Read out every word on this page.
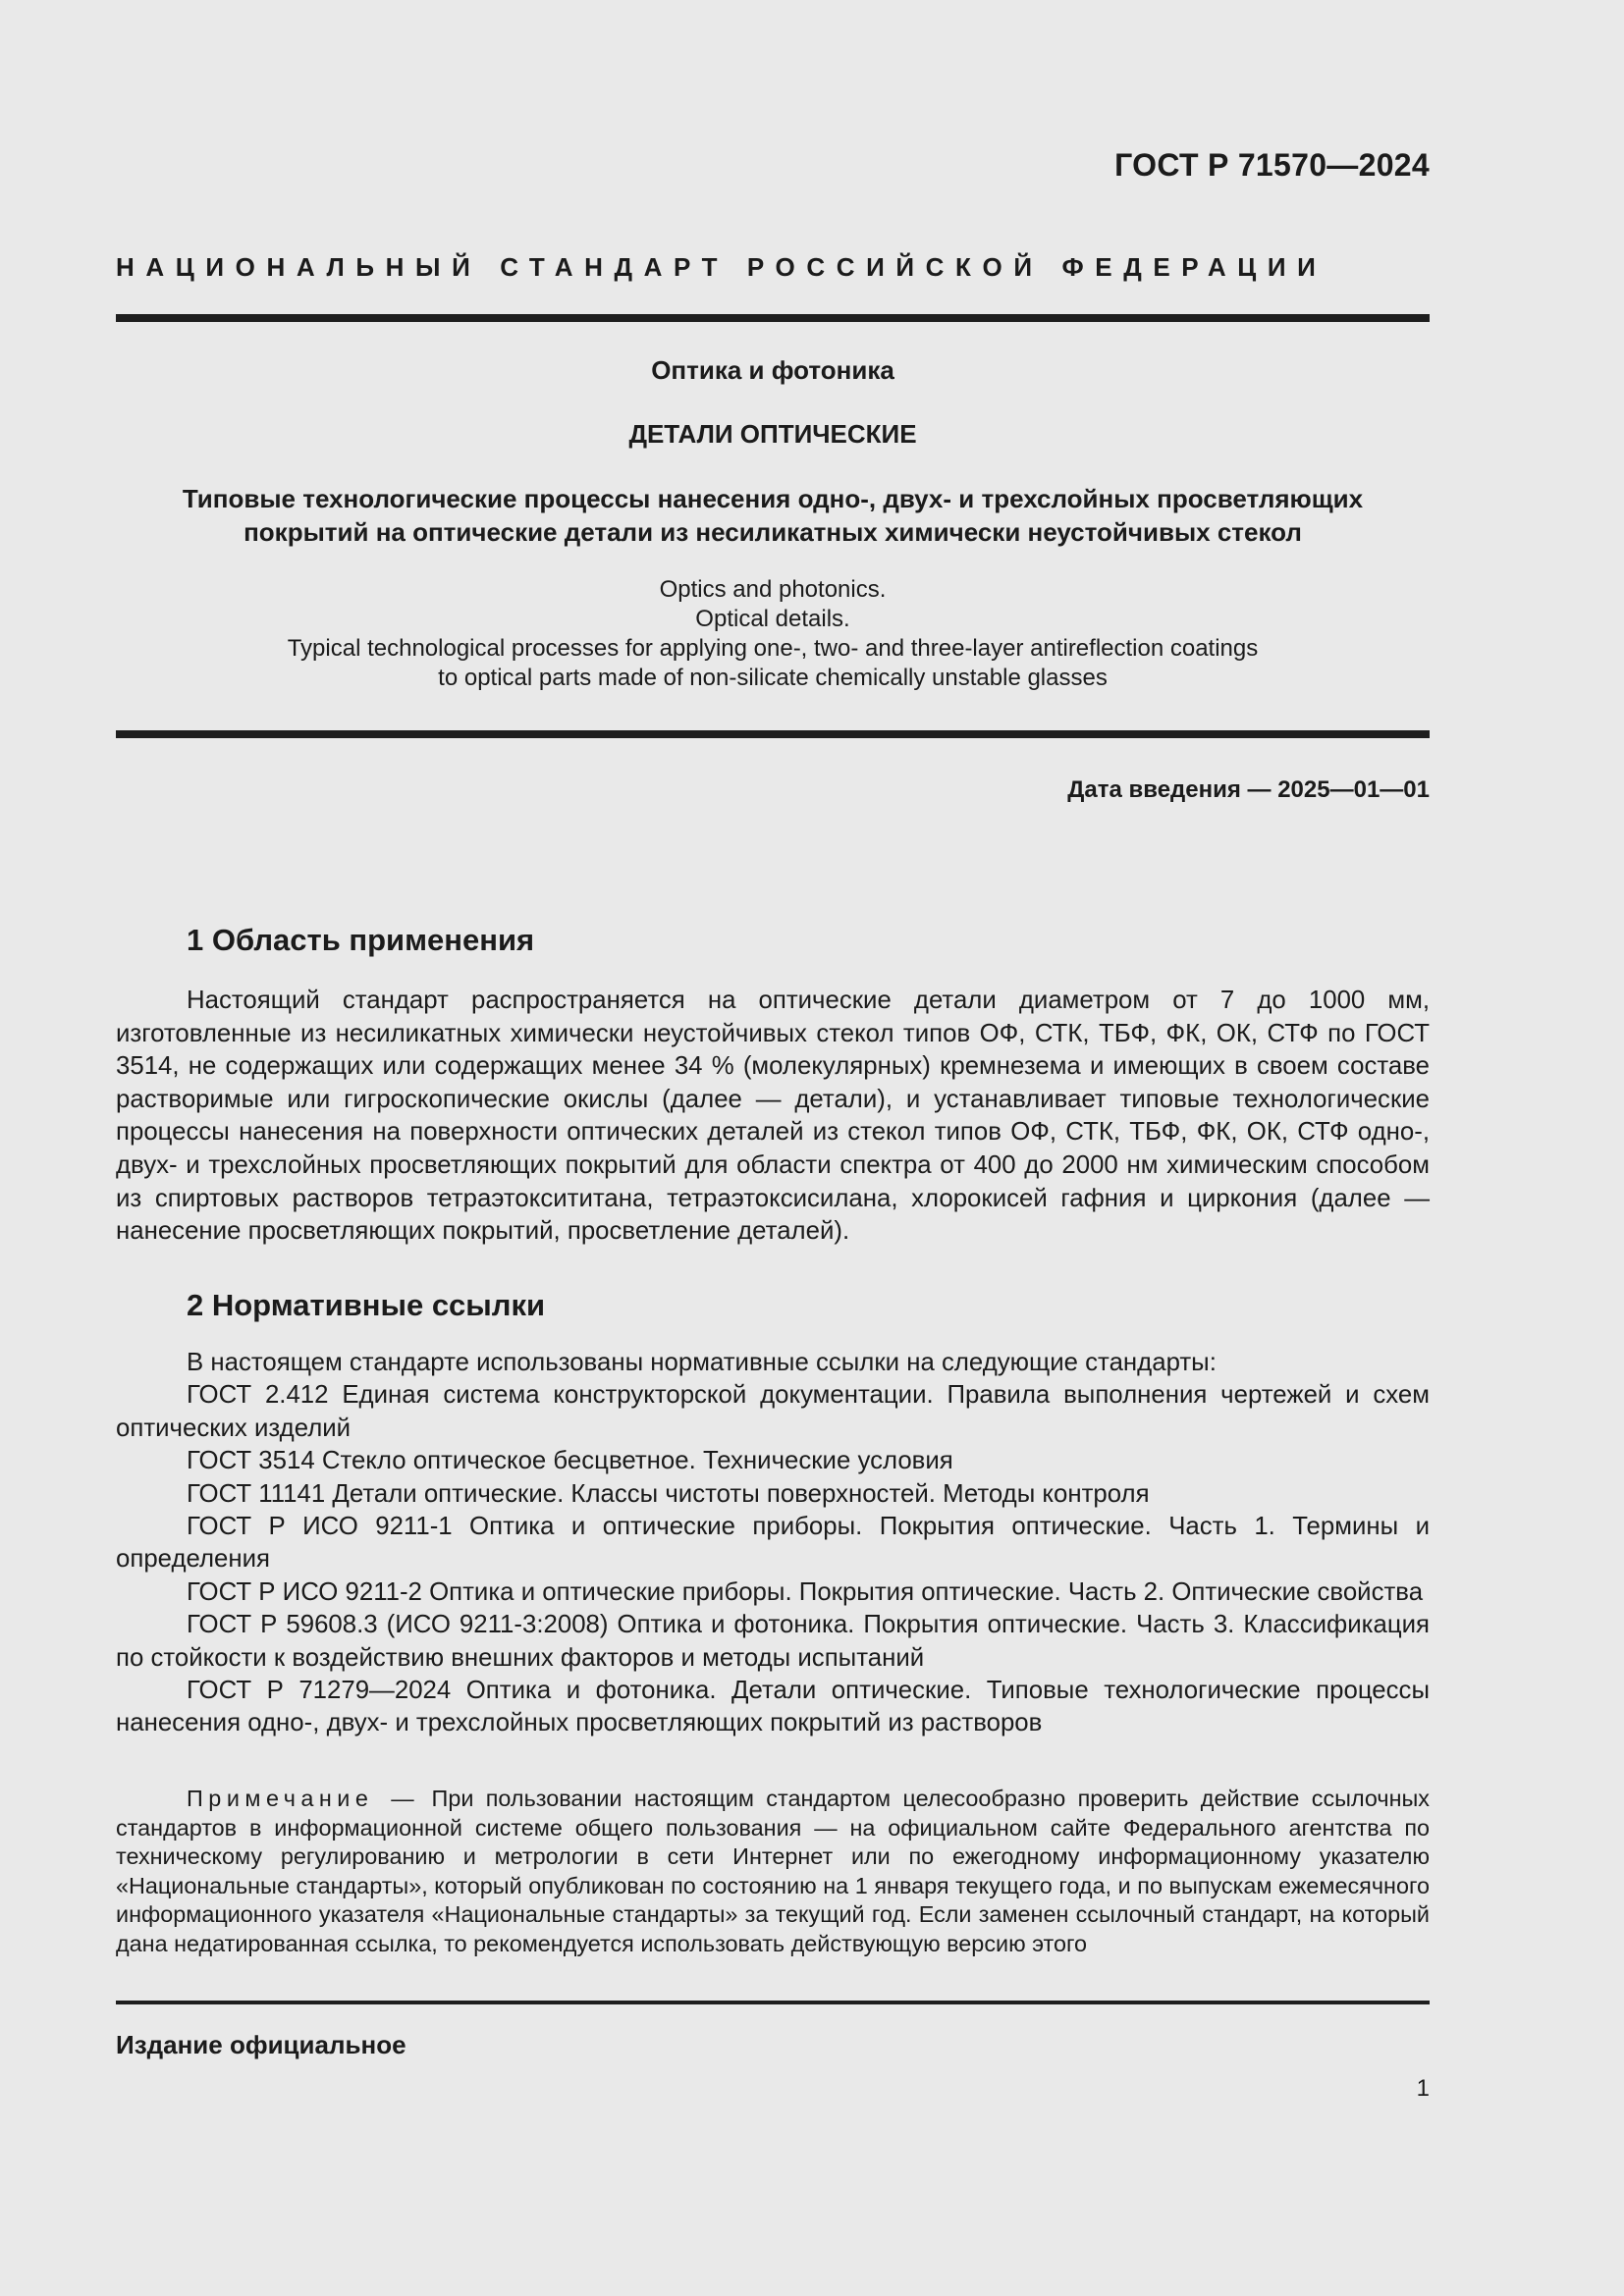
ГОСТ Р 71570—2024
НАЦИОНАЛЬНЫЙ СТАНДАРТ РОССИЙСКОЙ ФЕДЕРАЦИИ
Оптика и фотоника
ДЕТАЛИ ОПТИЧЕСКИЕ
Типовые технологические процессы нанесения одно-, двух- и трехслойных просветляющих
покрытий на оптические детали из несиликатных химически неустойчивых стекол
Optics and photonics.
Optical details.
Typical technological processes for applying one-, two- and three-layer antireflection coatings
to optical parts made of non-silicate chemically unstable glasses
Дата введения — 2025—01—01
1 Область применения
Настоящий стандарт распространяется на оптические детали диаметром от 7 до 1000 мм, изготовленные из несиликатных химически неустойчивых стекол типов ОФ, СТК, ТБФ, ФК, ОК, СТФ по ГОСТ 3514, не содержащих или содержащих менее 34 % (молекулярных) кремнезема и имеющих в своем составе растворимые или гигроскопические окислы (далее — детали), и устанавливает типовые технологические процессы нанесения на поверхности оптических деталей из стекол типов ОФ, СТК, ТБФ, ФК, ОК, СТФ одно-, двух- и трехслойных просветляющих покрытий для области спектра от 400 до 2000 нм химическим способом из спиртовых растворов тетраэтоксититана, тетраэтоксисилана, хлорокисей гафния и циркония (далее — нанесение просветляющих покрытий, просветление деталей).
2 Нормативные ссылки

В настоящем стандарте использованы нормативные ссылки на следующие стандарты:

ГОСТ 2.412 Единая система конструкторской документации. Правила выполнения чертежей и схем оптических изделий

ГОСТ 3514 Стекло оптическое бесцветное. Технические условия

ГОСТ 11141 Детали оптические. Классы чистоты поверхностей. Методы контроля

ГОСТ Р ИСО 9211-1 Оптика и оптические приборы. Покрытия оптические. Часть 1. Термины и определения

ГОСТ Р ИСО 9211-2 Оптика и оптические приборы. Покрытия оптические. Часть 2. Оптические свойства

ГОСТ Р 59608.3 (ИСО 9211-3:2008) Оптика и фотоника. Покрытия оптические. Часть 3. Классификация по стойкости к воздействию внешних факторов и методы испытаний

ГОСТ Р 71279—2024 Оптика и фотоника. Детали оптические. Типовые технологические процессы нанесения одно-, двух- и трехслойных просветляющих покрытий из растворов

Примечание — При пользовании настоящим стандартом целесообразно проверить действие ссылочных стандартов в информационной системе общего пользования — на официальном сайте Федерального агентства по техническому регулированию и метрологии в сети Интернет или по ежегодному информационному указателю «Национальные стандарты», который опубликован по состоянию на 1 января текущего года, и по выпускам ежемесячного информационного указателя «Национальные стандарты» за текущий год. Если заменен ссылочный стандарт, на который дана недатированная ссылка, то рекомендуется использовать действующую версию этого
Издание официальное
1
